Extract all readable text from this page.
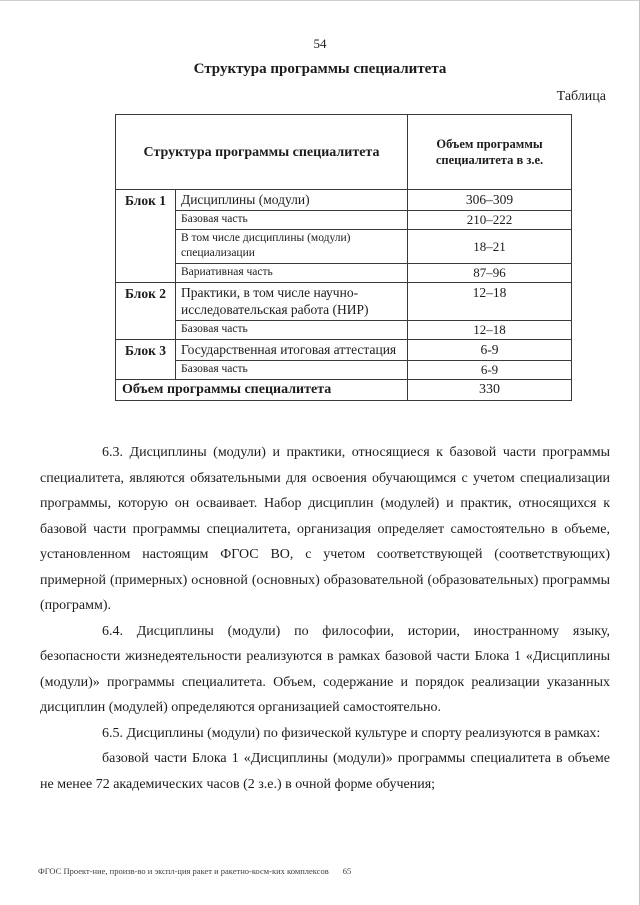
54
Структура программы специалитета
Таблица
Структура программы специалитета		Объем программы специалитета в з.е.
Блок 1	Дисциплины (модули)	306–309
	Базовая часть	210–222
	В том числе дисциплины (модули) специализации	18–21
	Вариативная часть	87–96
Блок 2	Практики, в том числе научно-исследовательская работа (НИР)	12–18
	Базовая часть	12–18
Блок 3	Государственная итоговая аттестация	6-9
	Базовая часть	6-9
Объем программы специалитета		330

6.3. Дисциплины (модули) и практики, относящиеся к базовой части программы специалитета, являются обязательными для освоения обучающимся с учетом специализации программы, которую он осваивает. Набор дисциплин (модулей) и практик, относящихся к базовой части программы специалитета, организация определяет самостоятельно в объеме, установленном настоящим ФГОС ВО, с учетом соответствующей (соответствующих) примерной (примерных) основной (основных) образовательной (образовательных) программы (программ).

6.4. Дисциплины (модули) по философии, истории, иностранному языку, безопасности жизнедеятельности реализуются в рамках базовой части Блока 1 «Дисциплины (модули)» программы специалитета. Объем, содержание и порядок реализации указанных дисциплин (модулей) определяются организацией самостоятельно.

6.5. Дисциплины (модули) по физической культуре и спорту реализуются в рамках:

базовой части Блока 1 «Дисциплины (модули)» программы специалитета в объеме не менее 72 академических часов (2 з.е.) в очной форме обучения;

ФГОС Проект-ние, произв-во и экспл-ция ракет и ракетно-косм-ких комплексов 65
